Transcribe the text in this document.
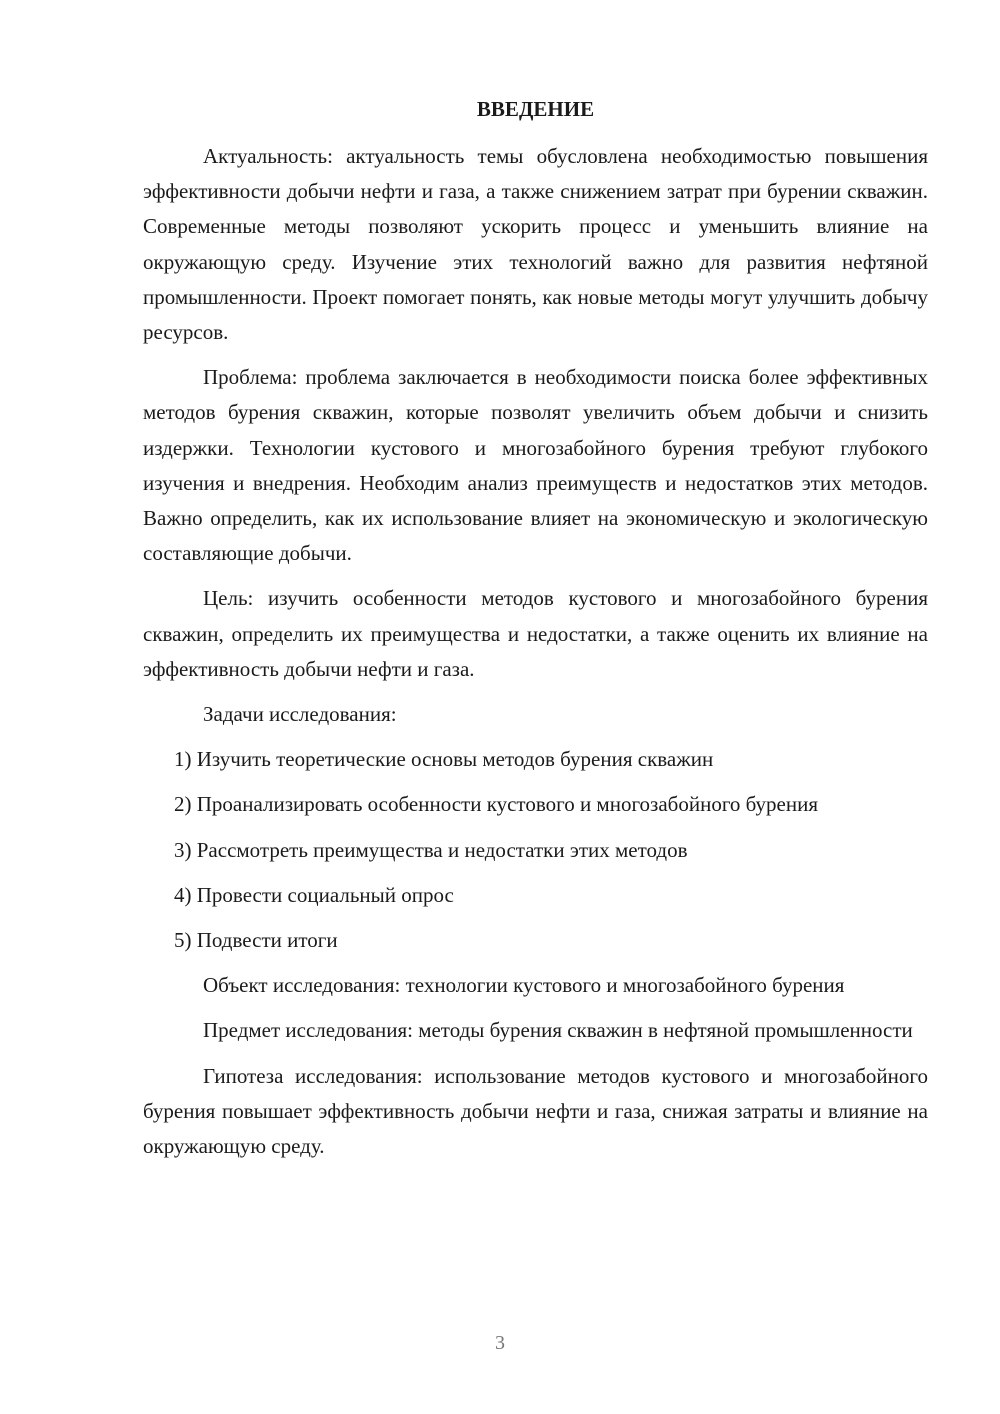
ВВЕДЕНИЕ

Актуальность: актуальность темы обусловлена необходимостью повышения эффективности добычи нефти и газа, а также снижением затрат при бурении скважин. Современные методы позволяют ускорить процесс и уменьшить влияние на окружающую среду. Изучение этих технологий важно для развития нефтяной промышленности. Проект помогает понять, как новые методы могут улучшить добычу ресурсов.

Проблема: проблема заключается в необходимости поиска более эффективных методов бурения скважин, которые позволят увеличить объем добычи и снизить издержки. Технологии кустового и многозабойного бурения требуют глубокого изучения и внедрения. Необходим анализ преимуществ и недостатков этих методов. Важно определить, как их использование влияет на экономическую и экологическую составляющие добычи.

Цель: изучить особенности методов кустового и многозабойного бурения скважин, определить их преимущества и недостатки, а также оценить их влияние на эффективность добычи нефти и газа.

Задачи исследования:

1) Изучить теоретические основы методов бурения скважин

2) Проанализировать особенности кустового и многозабойного бурения

3) Рассмотреть преимущества и недостатки этих методов

4) Провести социальный опрос

5) Подвести итоги

Объект исследования: технологии кустового и многозабойного бурения

Предмет исследования: методы бурения скважин в нефтяной промышленности

Гипотеза исследования: использование методов кустового и многозабойного бурения повышает эффективность добычи нефти и газа, снижая затраты и влияние на окружающую среду.

3
